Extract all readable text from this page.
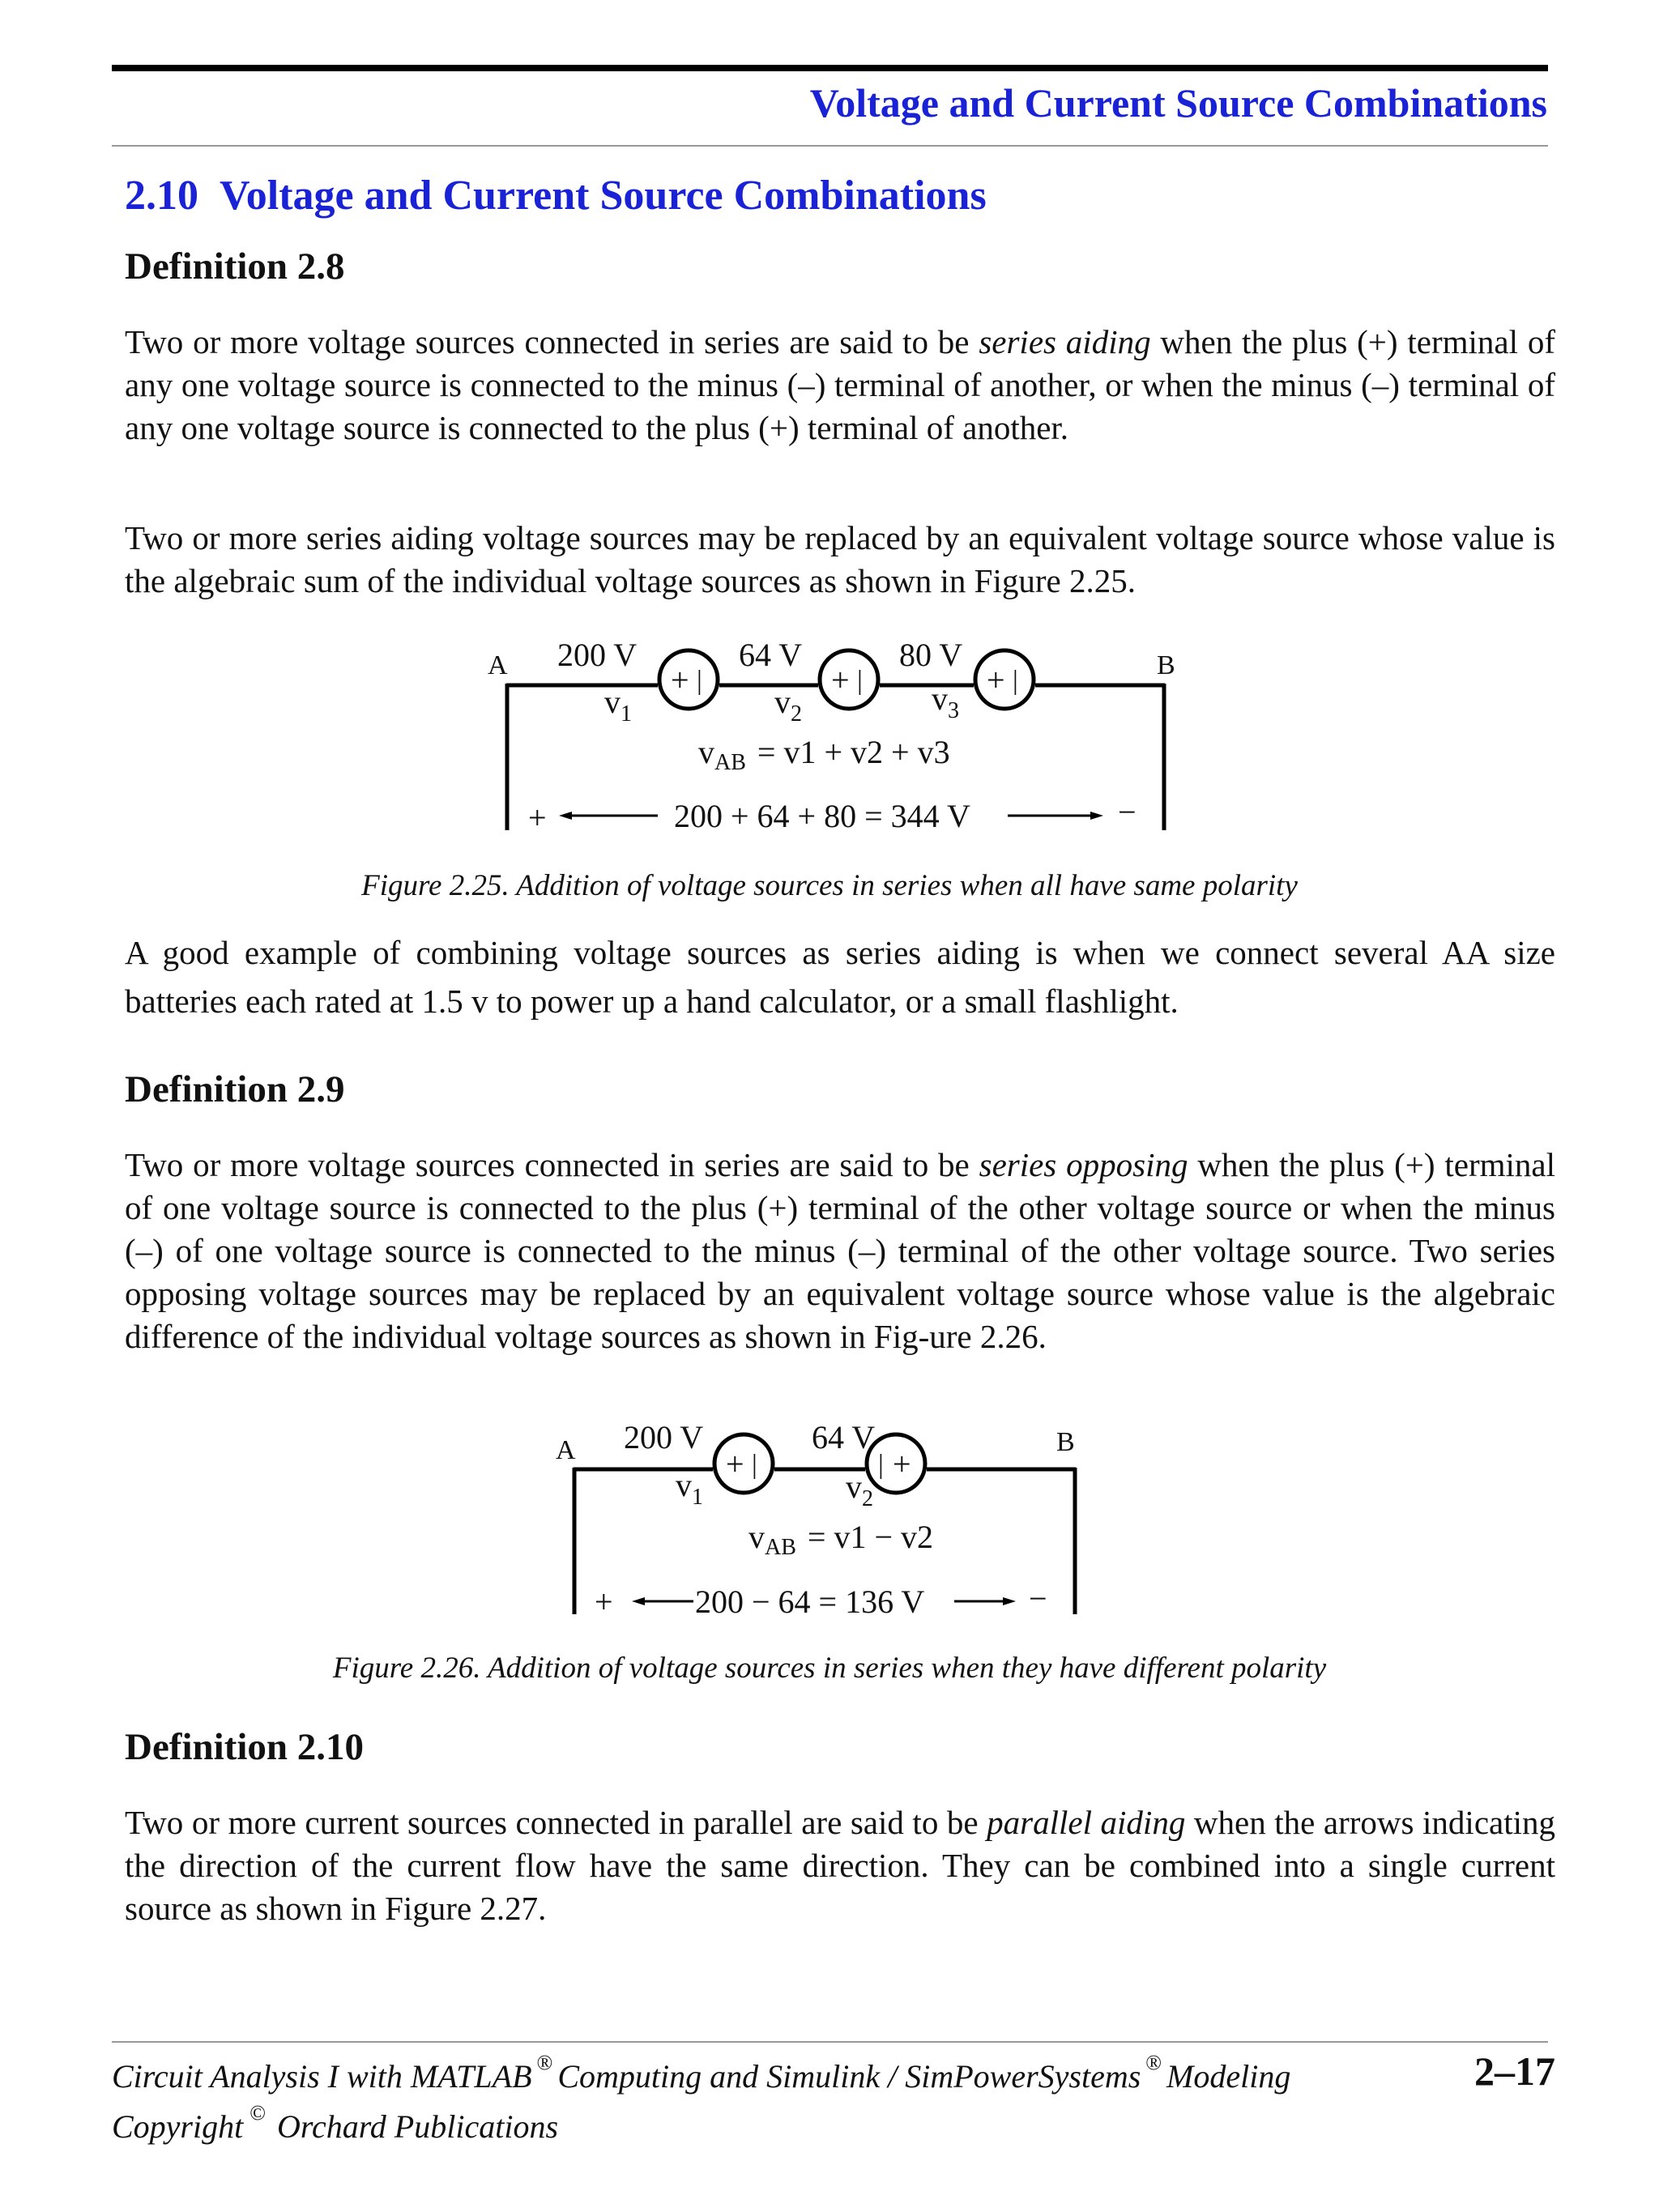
Voltage and Current Source Combinations
2.10 Voltage and Current Source Combinations
Definition 2.8
Two or more voltage sources connected in series are said to be series aiding when the plus (+) terminal of any one voltage source is connected to the minus (–) terminal of another, or when the minus (–) terminal of any one voltage source is connected to the plus (+) terminal of another.
Two or more series aiding voltage sources may be replaced by an equivalent voltage source whose value is the algebraic sum of the individual voltage sources as shown in Figure 2.25.
+ |	+ |	+ |
A	B
200 V	64 V	80 V
$v_1$	$v_2$	$v_3$
$v_{AB} = v1 + v2 + v3$
+	200 + 64 + 80 = 344 V	−
Figure 2.25. Addition of voltage sources in series when all have same polarity
A good example of combining voltage sources as series aiding is when we connect several AA size batteries each rated at 1.5 v to power up a hand calculator, or a small flashlight.
Definition 2.9
Two or more voltage sources connected in series are said to be series opposing when the plus (+) terminal of one voltage source is connected to the plus (+) terminal of the other voltage source or when the minus (–) of one voltage source is connected to the minus (–) terminal of the other voltage source. Two series opposing voltage sources may be replaced by an equivalent voltage source whose value is the algebraic difference of the individual voltage sources as shown in Fig-ure 2.26.
+ |	| +
A	B
200 V	64 V
$v_1$	$v_2$
$v_{AB} = v1 - v2$
+	200 − 64 = 136 V	−
Figure 2.26. Addition of voltage sources in series when they have different polarity
Definition 2.10
Two or more current sources connected in parallel are said to be parallel aiding when the arrows indicating the direction of the current flow have the same direction. They can be combined into a single current source as shown in Figure 2.27.
Circuit Analysis I with MATLAB ® Computing and Simulink / SimPowerSystems ® Modeling	2–17
Copyright © Orchard Publications
